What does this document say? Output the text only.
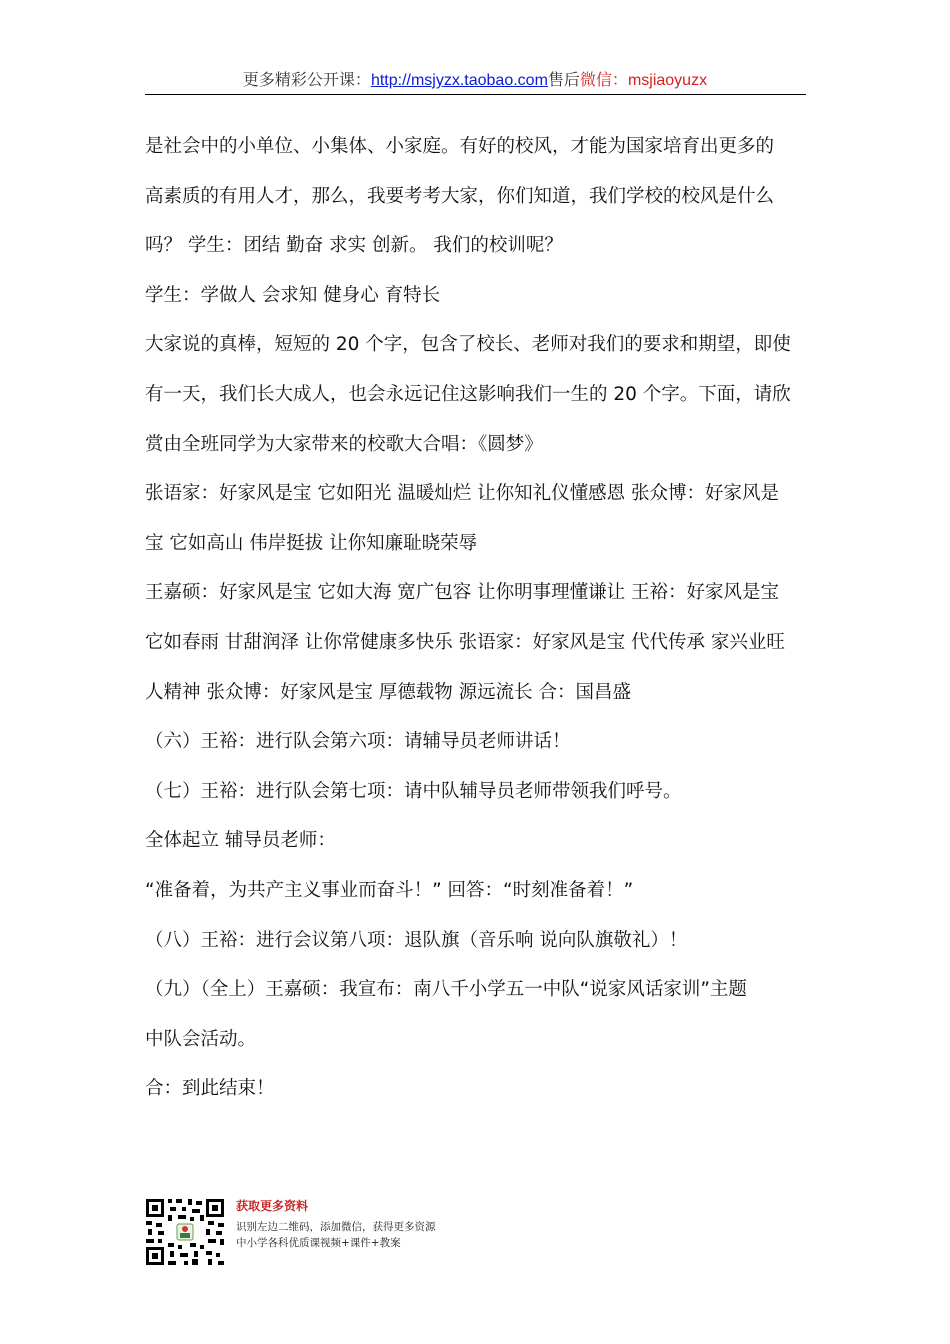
更多精彩公开课：http://msjyzx.taobao.com售后微信：msjiaoyuzx
是社会中的小单位、小集体、小家庭。有好的校风，才能为国家培育出更多的
高素质的有用人才，那么，我要考考大家，你们知道，我们学校的校风是什么
吗？ 学生：团结 勤奋 求实 创新。 我们的校训呢？
学生：学做人 会求知 健身心 育特长
大家说的真棒，短短的 20 个字，包含了校长、老师对我们的要求和期望，即使
有一天，我们长大成人，也会永远记住这影响我们一生的 20 个字。下面，请欣
赏由全班同学为大家带来的校歌大合唱：《圆梦》
张语家：好家风是宝 它如阳光 温暖灿烂 让你知礼仪懂感恩 张众博：好家风是
宝 它如高山 伟岸挺拔 让你知廉耻晓荣辱
王嘉硕：好家风是宝 它如大海 宽广包容 让你明事理懂谦让 王裕：好家风是宝
它如春雨 甘甜润泽 让你常健康多快乐 张语家：好家风是宝 代代传承 家兴业旺
人精神 张众博：好家风是宝 厚德载物 源远流长 合：国昌盛
（六）王裕：进行队会第六项：请辅导员老师讲话！
（七）王裕：进行队会第七项：请中队辅导员老师带领我们呼号。
全体起立 辅导员老师：
“准备着，为共产主义事业而奋斗！” 回答：“时刻准备着！”
（八）王裕：进行会议第八项：退队旗（音乐响 说向队旗敬礼）！
（九）（全上）王嘉硕：我宣布：南八千小学五一中队“说家风话家训”主题
中队会活动。
合：到此结束！
获取更多资料
识别左边二维码，添加微信，获得更多资源
中小学各科优质课视频+课件+教案
